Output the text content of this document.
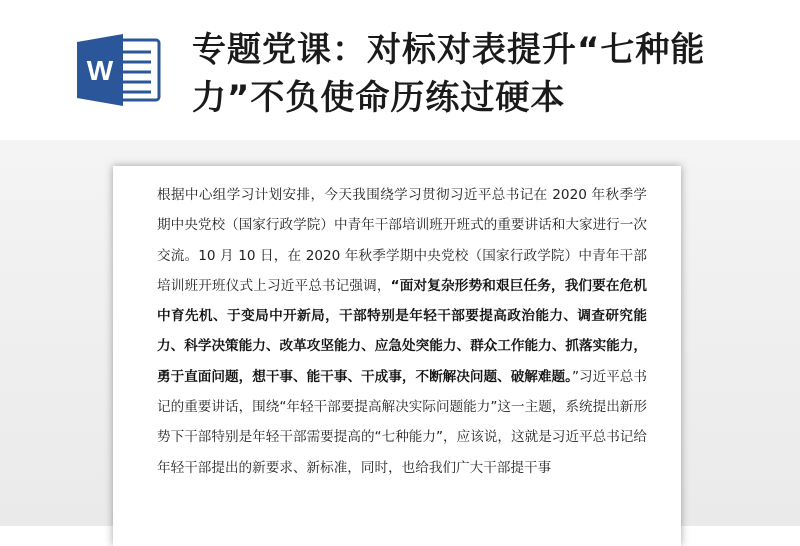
W
专题党课：对标对表提升“七种能力”不负使命历练过硬本
根据中心组学习计划安排，今天我围绕学习贯彻习近平总书记在 2020 年秋季学期中央党校（国家行政学院）中青年干部培训班开班式的重要讲话和大家进行一次交流。10 月 10 日，在 2020 年秋季学期中央党校（国家行政学院）中青年干部培训班开班仪式上习近平总书记强调，“面对复杂形势和艰巨任务，我们要在危机中育先机、于变局中开新局，干部特别是年轻干部要提高政治能力、调查研究能力、科学决策能力、改革攻坚能力、应急处突能力、群众工作能力、抓落实能力，勇于直面问题，想干事、能干事、干成事，不断解决问题、破解难题。”习近平总书记的重要讲话，围绕“年轻干部要提高解决实际问题能力”这一主题，系统提出新形势下干部特别是年轻干部需要提高的“七种能力”，应该说，这就是习近平总书记给年轻干部提出的新要求、新标准，同时，也给我们广大干部提干事
